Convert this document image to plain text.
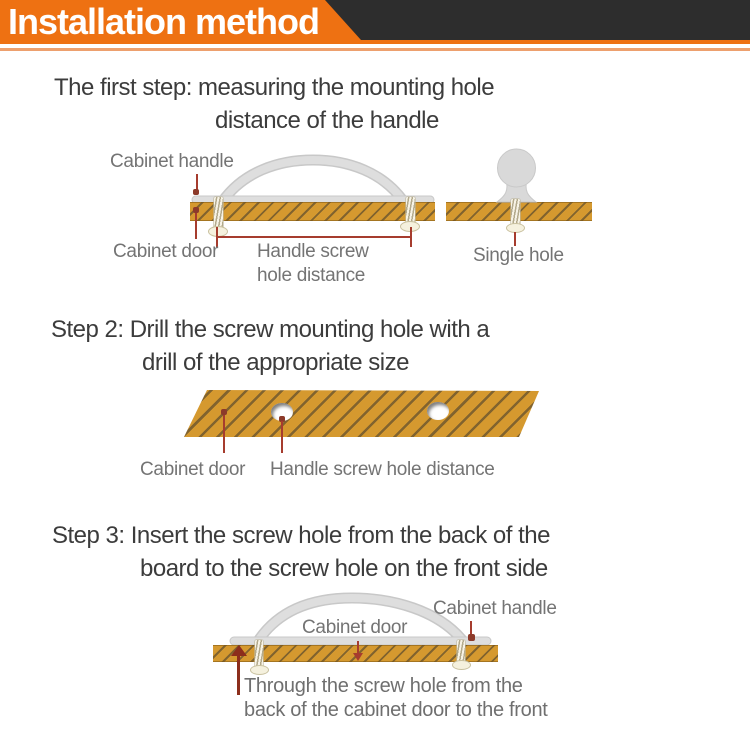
Installation method
The first step: measuring the mounting hole
distance of the handle
Cabinet handle
Cabinet door Handle screw
hole distance
Single hole
Step 2: Drill the screw mounting hole with a
drill of the appropriate size
Cabinet door Handle screw hole distance
Step 3: Insert the screw hole from the back of the
board to the screw hole on the front side
Cabinet handle
Cabinet door
Through the screw hole from the
back of the cabinet door to the front
